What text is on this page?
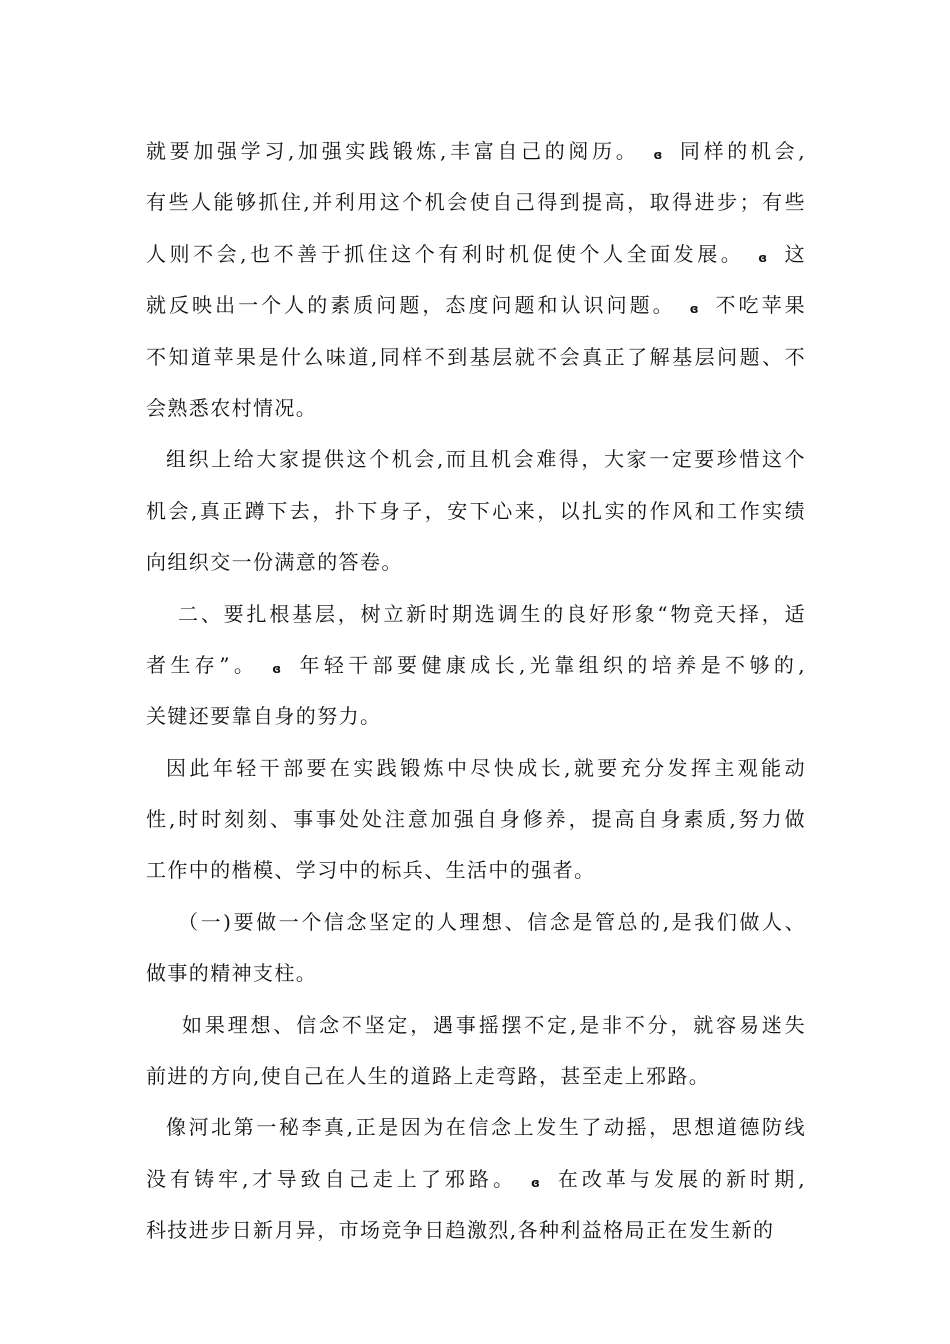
就要加强学习,加强实践锻炼,丰富自己的阅历。 ɞ 同样的机会,
有些人能够抓住,并利用这个机会使自己得到提高，取得进步；有些
人则不会,也不善于抓住这个有利时机促使个人全面发展。 ɞ 这
就反映出一个人的素质问题，态度问题和认识问题。 ɞ 不吃苹果
不知道苹果是什么味道,同样不到基层就不会真正了解基层问题、不
会熟悉农村情况。
组织上给大家提供这个机会,而且机会难得，大家一定要珍惜这个
机会,真正蹲下去，扑下身子，安下心来，以扎实的作风和工作实绩
向组织交一份满意的答卷。
二、要扎根基层，树立新时期选调生的良好形象“物竞天择，适
者生存”。 ɞ 年轻干部要健康成长,光靠组织的培养是不够的,
关键还要靠自身的努力。
因此年轻干部要在实践锻炼中尽快成长,就要充分发挥主观能动
性,时时刻刻、事事处处注意加强自身修养，提高自身素质,努力做
工作中的楷模、学习中的标兵、生活中的强者。
（一)要做一个信念坚定的人理想、信念是管总的,是我们做人、
做事的精神支柱。
如果理想、信念不坚定，遇事摇摆不定,是非不分，就容易迷失
前进的方向,使自己在人生的道路上走弯路，甚至走上邪路。
像河北第一秘李真,正是因为在信念上发生了动摇，思想道德防线
没有铸牢,才导致自己走上了邪路。 ɞ 在改革与发展的新时期,
科技进步日新月异，市场竞争日趋激烈,各种利益格局正在发生新的
